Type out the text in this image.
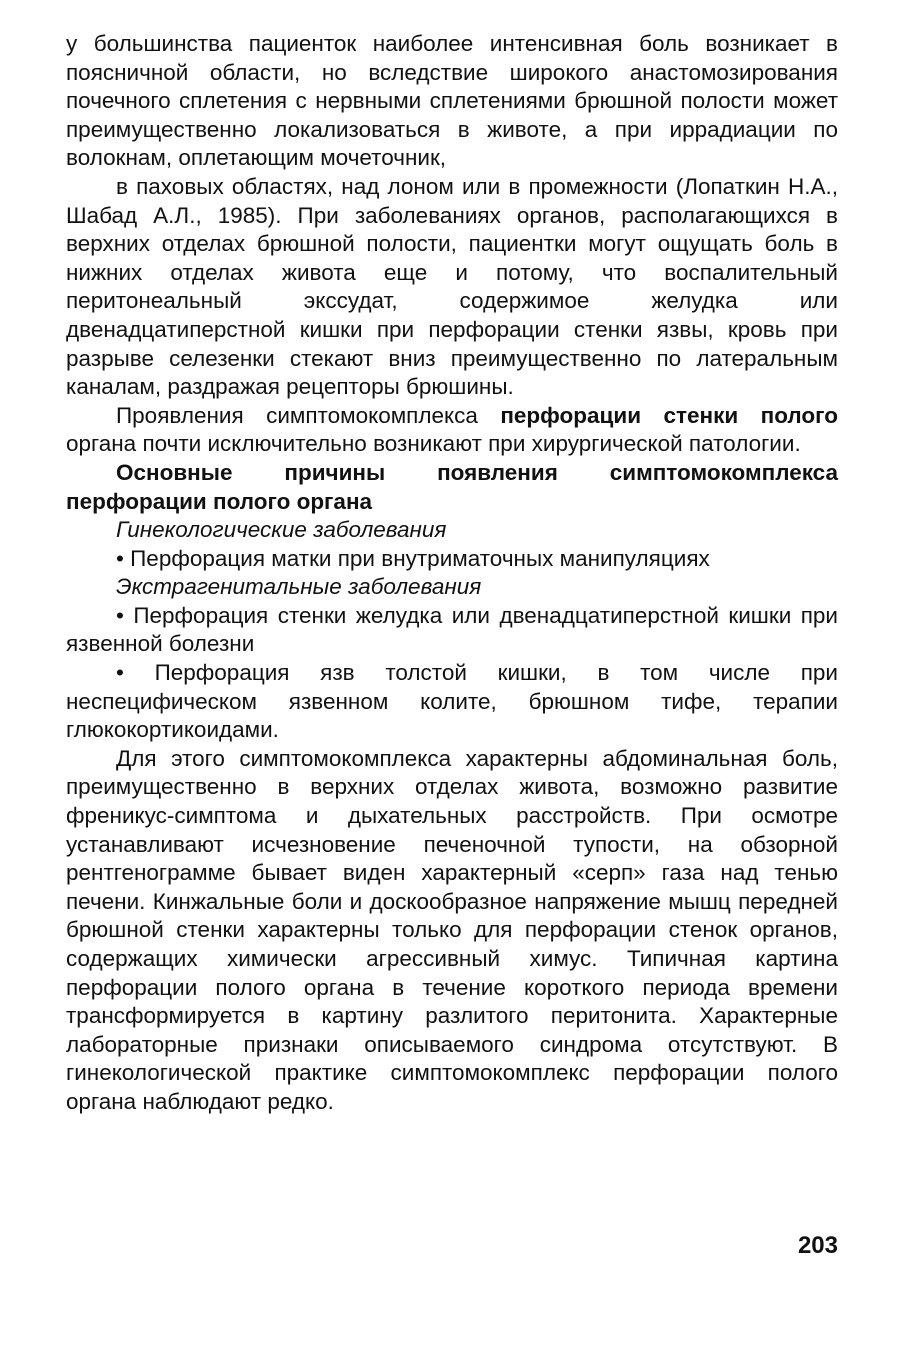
у большинства пациенток наиболее интенсивная боль возникает в поясничной области, но вследствие широкого анастомозирования почечного сплетения с нервными сплетениями брюшной полости может преимущественно локализоваться в животе, а при иррадиации по волокнам, оплетающим мочеточник,

в паховых областях, над лоном или в промежности (Лопаткин Н.А., Шабад А.Л., 1985). При заболеваниях органов, располагающихся в верхних отделах брюшной полости, пациентки могут ощущать боль в нижних отделах живота еще и потому, что воспалительный перитонеальный экссудат, содержимое желудка или двенадцатиперстной кишки при перфорации стенки язвы, кровь при разрыве селезенки стекают вниз преимущественно по латеральным каналам, раздражая рецепторы брюшины.

Проявления симптомокомплекса перфорации стенки полого органа почти исключительно возникают при хирургической патологии.

Основные причины появления симптомокомплекса перфорации полого органа

Гинекологические заболевания

• Перфорация матки при внутриматочных манипуляциях

Экстрагенитальные заболевания

• Перфорация стенки желудка или двенадцатиперстной кишки при язвенной болезни

• Перфорация язв толстой кишки, в том числе при неспецифическом язвенном колите, брюшном тифе, терапии глюкокортикоидами.

Для этого симптомокомплекса характерны абдоминальная боль, преимущественно в верхних отделах живота, возможно развитие френикус-симптома и дыхательных расстройств. При осмотре устанавливают исчезновение печеночной тупости, на обзорной рентгенограмме бывает виден характерный «серп» газа над тенью печени. Кинжальные боли и доскообразное напряжение мышц передней брюшной стенки характерны только для перфорации стенок органов, содержащих химически агрессивный химус. Типичная картина перфорации полого органа в течение короткого периода времени трансформируется в картину разлитого перитонита. Характерные лабораторные признаки описываемого синдрома отсутствуют. В гинекологической практике симптомокомплекс перфорации полого органа наблюдают редко.

203
